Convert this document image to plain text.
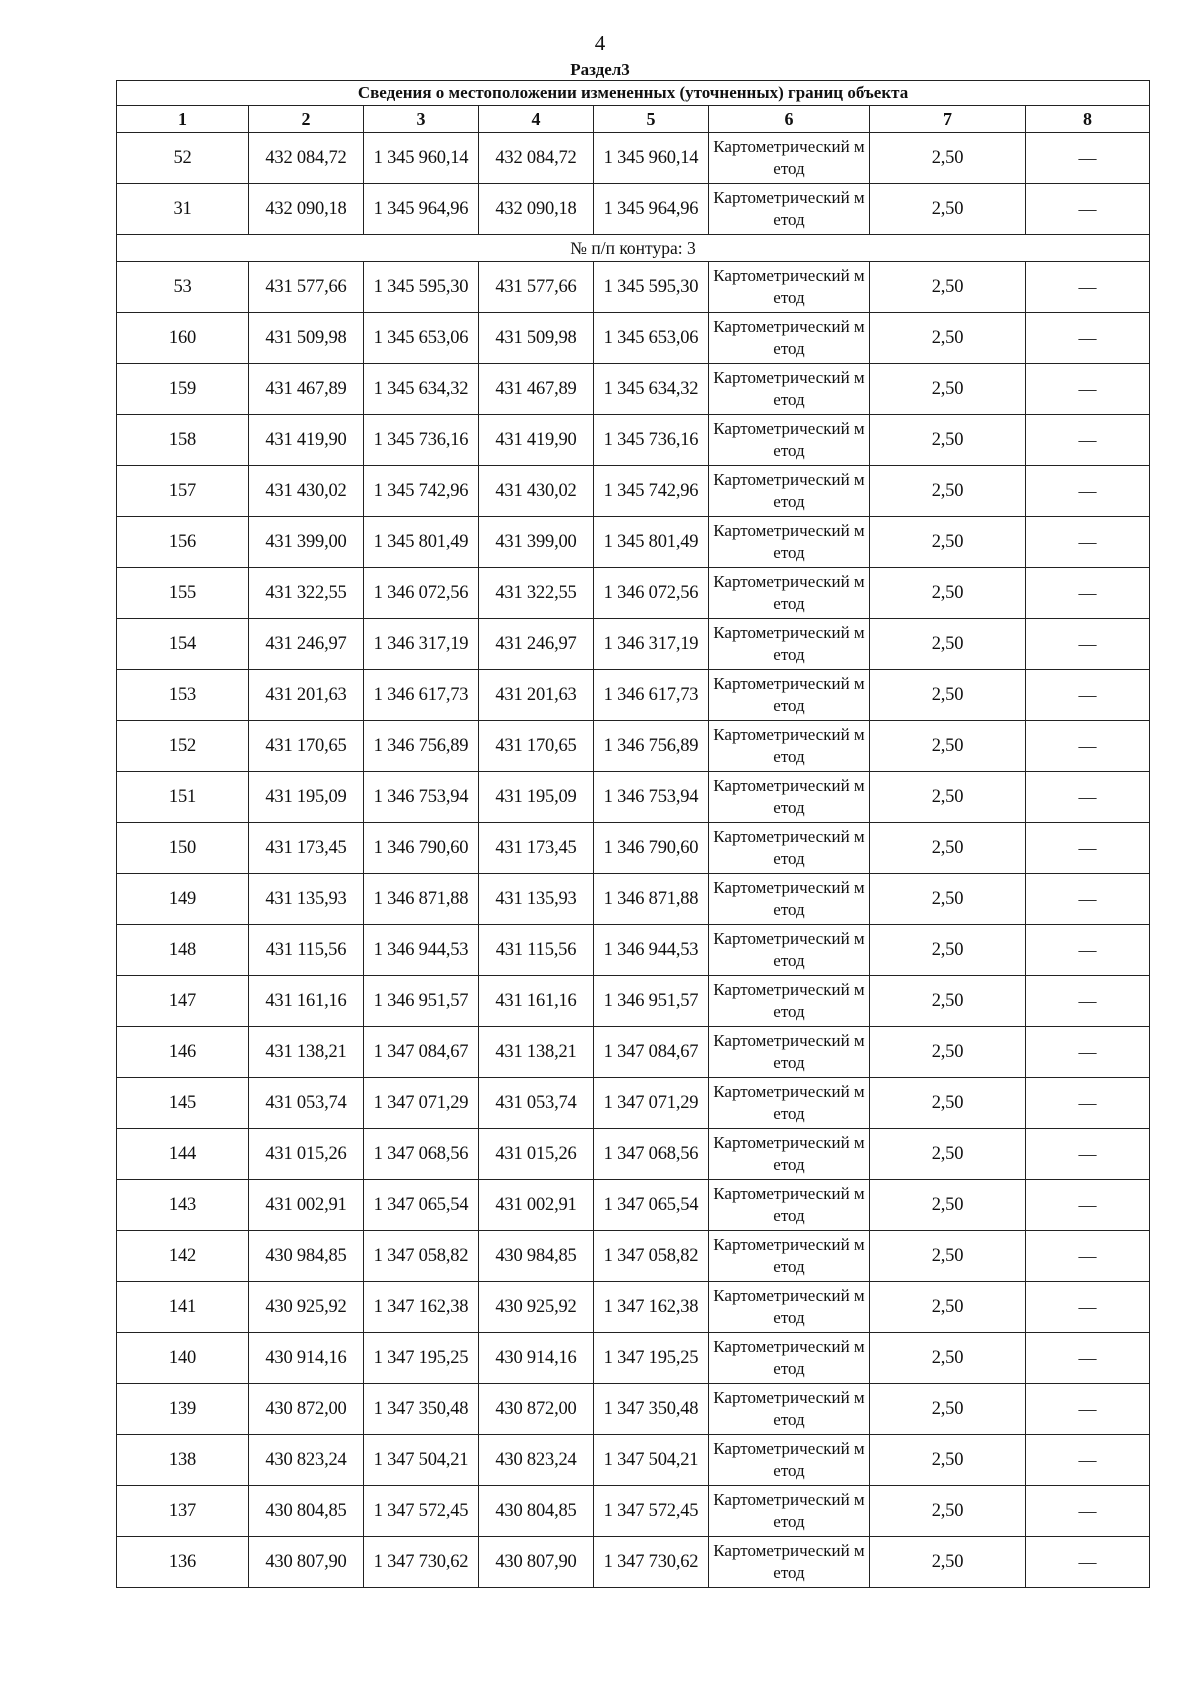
4
Раздел3
Сведения о местоположении измененных (уточненных) границ объекта							
1	2	3	4	5	6	7	8
52	432 084,72	1 345 960,14	432 084,72	1 345 960,14	Картометрический метод	2,50	—
31	432 090,18	1 345 964,96	432 090,18	1 345 964,96	Картометрический метод	2,50	—
№ п/п контура: 3							
53	431 577,66	1 345 595,30	431 577,66	1 345 595,30	Картометрический метод	2,50	—
160	431 509,98	1 345 653,06	431 509,98	1 345 653,06	Картометрический метод	2,50	—
159	431 467,89	1 345 634,32	431 467,89	1 345 634,32	Картометрический метод	2,50	—
158	431 419,90	1 345 736,16	431 419,90	1 345 736,16	Картометрический метод	2,50	—
157	431 430,02	1 345 742,96	431 430,02	1 345 742,96	Картометрический метод	2,50	—
156	431 399,00	1 345 801,49	431 399,00	1 345 801,49	Картометрический метод	2,50	—
155	431 322,55	1 346 072,56	431 322,55	1 346 072,56	Картометрический метод	2,50	—
154	431 246,97	1 346 317,19	431 246,97	1 346 317,19	Картометрический метод	2,50	—
153	431 201,63	1 346 617,73	431 201,63	1 346 617,73	Картометрический метод	2,50	—
152	431 170,65	1 346 756,89	431 170,65	1 346 756,89	Картометрический метод	2,50	—
151	431 195,09	1 346 753,94	431 195,09	1 346 753,94	Картометрический метод	2,50	—
150	431 173,45	1 346 790,60	431 173,45	1 346 790,60	Картометрический метод	2,50	—
149	431 135,93	1 346 871,88	431 135,93	1 346 871,88	Картометрический метод	2,50	—
148	431 115,56	1 346 944,53	431 115,56	1 346 944,53	Картометрический метод	2,50	—
147	431 161,16	1 346 951,57	431 161,16	1 346 951,57	Картометрический метод	2,50	—
146	431 138,21	1 347 084,67	431 138,21	1 347 084,67	Картометрический метод	2,50	—
145	431 053,74	1 347 071,29	431 053,74	1 347 071,29	Картометрический метод	2,50	—
144	431 015,26	1 347 068,56	431 015,26	1 347 068,56	Картометрический метод	2,50	—
143	431 002,91	1 347 065,54	431 002,91	1 347 065,54	Картометрический метод	2,50	—
142	430 984,85	1 347 058,82	430 984,85	1 347 058,82	Картометрический метод	2,50	—
141	430 925,92	1 347 162,38	430 925,92	1 347 162,38	Картометрический метод	2,50	—
140	430 914,16	1 347 195,25	430 914,16	1 347 195,25	Картометрический метод	2,50	—
139	430 872,00	1 347 350,48	430 872,00	1 347 350,48	Картометрический метод	2,50	—
138	430 823,24	1 347 504,21	430 823,24	1 347 504,21	Картометрический метод	2,50	—
137	430 804,85	1 347 572,45	430 804,85	1 347 572,45	Картометрический метод	2,50	—
136	430 807,90	1 347 730,62	430 807,90	1 347 730,62	Картометрический метод	2,50	—
